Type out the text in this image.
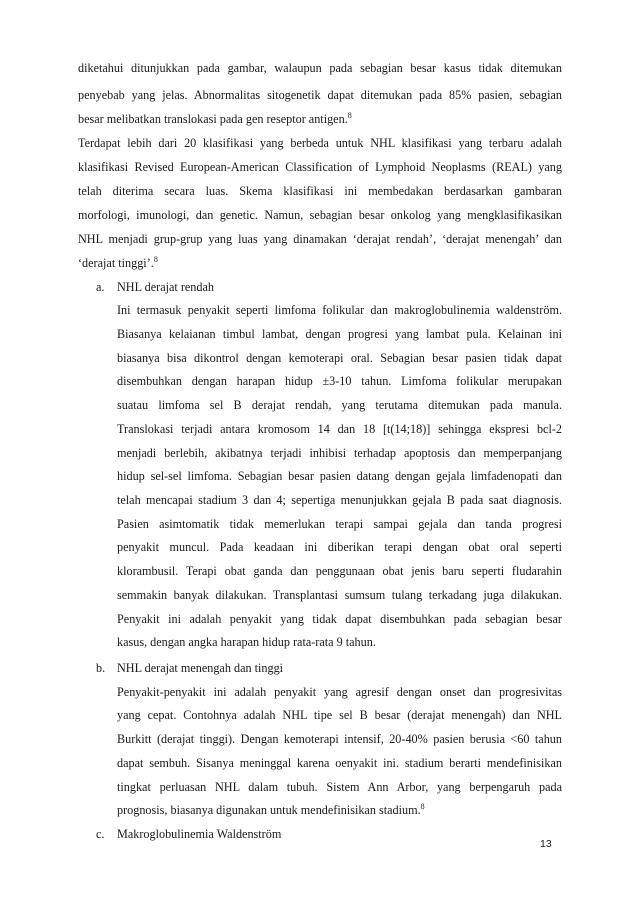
diketahui ditunjukkan pada gambar, walaupun pada sebagian besar kasus tidak ditemukan
penyebab yang jelas. Abnormalitas sitogenetik dapat ditemukan pada 85% pasien, sebagian
besar melibatkan translokasi pada gen reseptor antigen.$^8$
Terdapat lebih dari 20 klasifikasi yang berbeda untuk NHL klasifikasi yang terbaru adalah
klasifikasi Revised European-American Classification of Lymphoid Neoplasms (REAL) yang
telah diterima secara luas. Skema klasifikasi ini membedakan berdasarkan gambaran
morfologi, imunologi, dan genetic. Namun, sebagian besar onkolog yang mengklasifikasikan
NHL menjadi grup-grup yang luas yang dinamakan ‘derajat rendah’, ‘derajat menengah’ dan
‘derajat tinggi’.$^8$
a. NHL derajat rendah
Ini termasuk penyakit seperti limfoma folikular dan makroglobulinemia waldenström.
Biasanya kelaianan timbul lambat, dengan progresi yang lambat pula. Kelainan ini
biasanya bisa dikontrol dengan kemoterapi oral. Sebagian besar pasien tidak dapat
disembuhkan dengan harapan hidup ±3-10 tahun. Limfoma folikular merupakan
suatau limfoma sel B derajat rendah, yang terutama ditemukan pada manula.
Translokasi terjadi antara kromosom 14 dan 18 [t(14;18)] sehingga ekspresi bcl-2
menjadi berlebih, akibatnya terjadi inhibisi terhadap apoptosis dan memperpanjang
hidup sel-sel limfoma. Sebagian besar pasien datang dengan gejala limfadenopati dan
telah mencapai stadium 3 dan 4; sepertiga menunjukkan gejala B pada saat diagnosis.
Pasien asimtomatik tidak memerlukan terapi sampai gejala dan tanda progresi
penyakit muncul. Pada keadaan ini diberikan terapi dengan obat oral seperti
klorambusil. Terapi obat ganda dan penggunaan obat jenis baru seperti fludarahin
semmakin banyak dilakukan. Transplantasi sumsum tulang terkadang juga dilakukan.
Penyakit ini adalah penyakit yang tidak dapat disembuhkan pada sebagian besar
kasus, dengan angka harapan hidup rata-rata 9 tahun.
b. NHL derajat menengah dan tinggi
Penyakit-penyakit ini adalah penyakit yang agresif dengan onset dan progresivitas
yang cepat. Contohnya adalah NHL tipe sel B besar (derajat menengah) dan NHL
Burkitt (derajat tinggi). Dengan kemoterapi intensif, 20-40% pasien berusia <60 tahun
dapat sembuh. Sisanya meninggal karena oenyakit ini. stadium berarti mendefinisikan
tingkat perluasan NHL dalam tubuh. Sistem Ann Arbor, yang berpengaruh pada
prognosis, biasanya digunakan untuk mendefinisikan stadium.$^8$
c. Makroglobulinemia Waldenström
13
